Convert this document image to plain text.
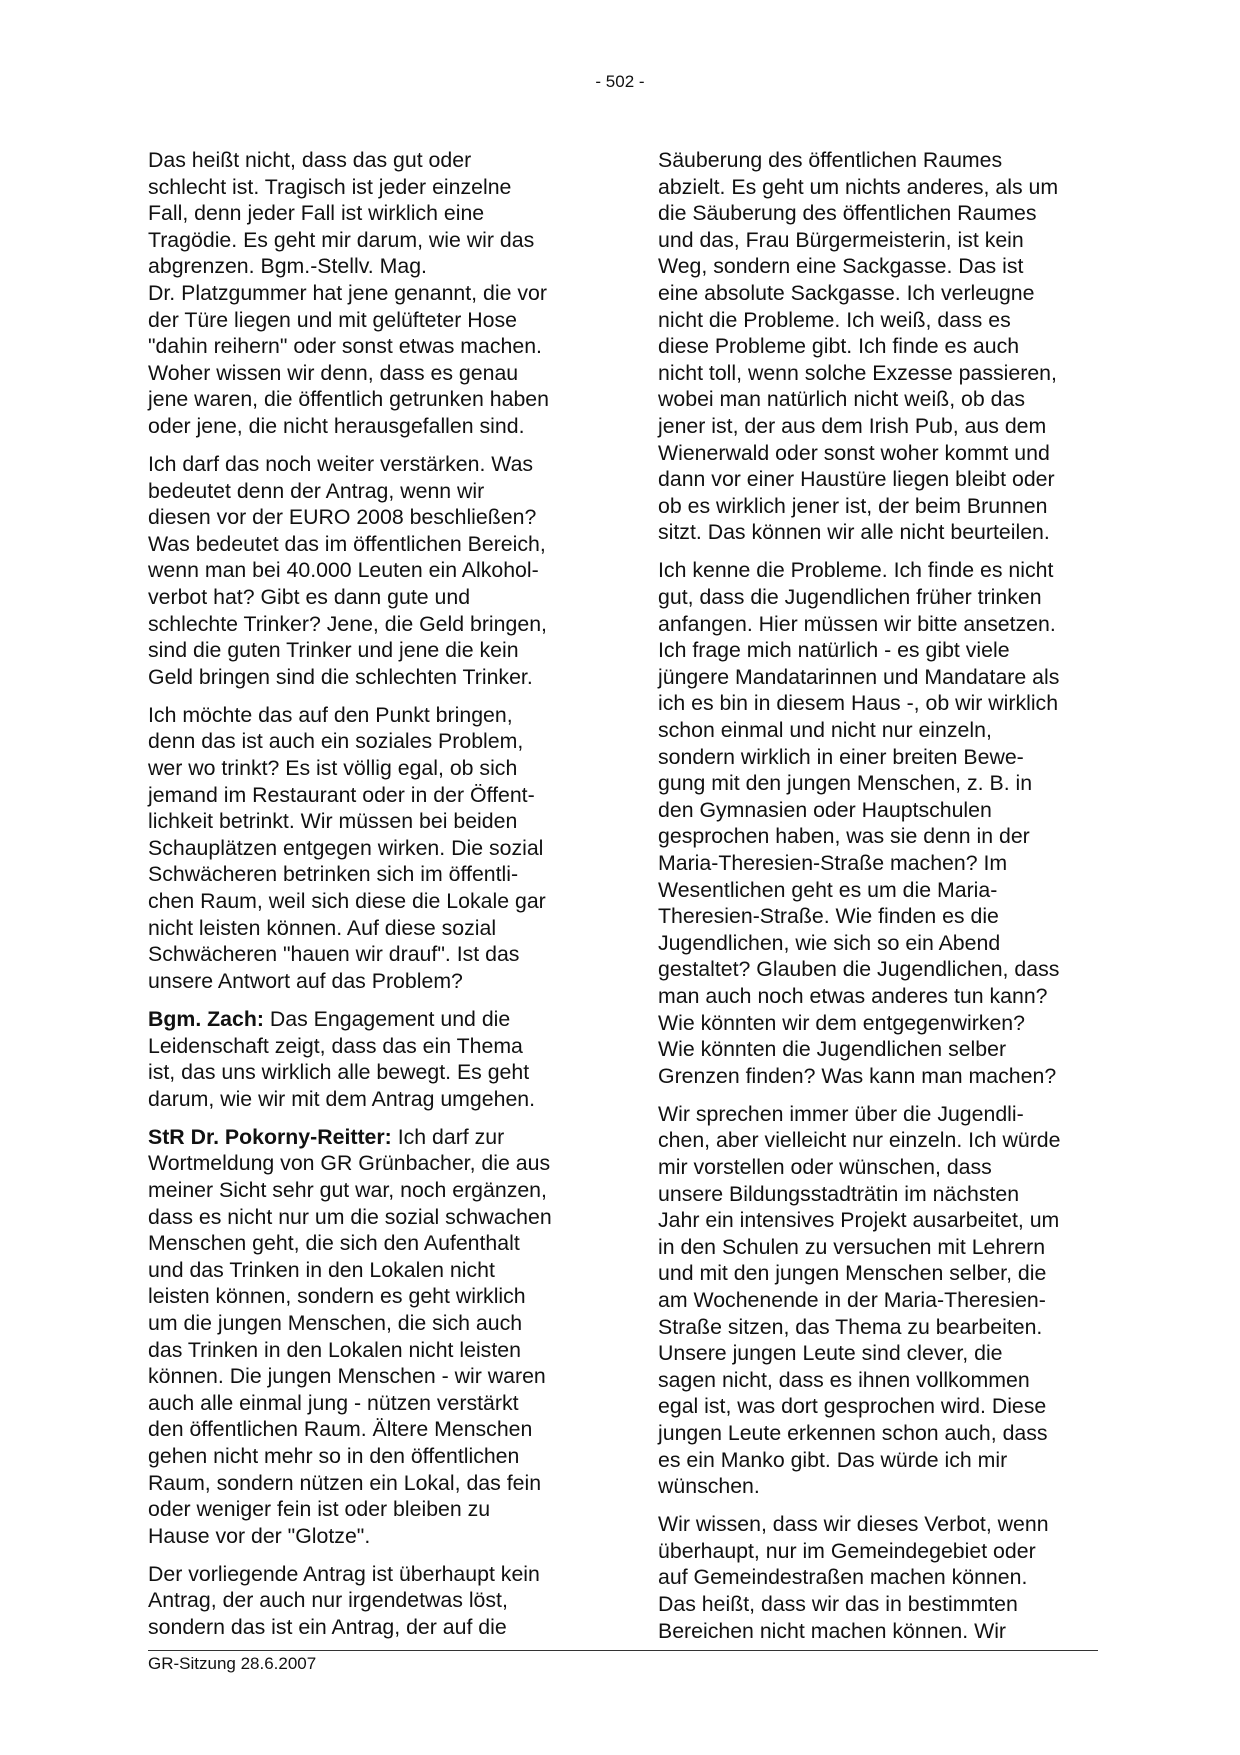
- 502 -

Das heißt nicht, dass das gut oder
schlecht ist. Tragisch ist jeder einzelne
Fall, denn jeder Fall ist wirklich eine
Tragödie. Es geht mir darum, wie wir das
abgrenzen. Bgm.-Stellv. Mag.
Dr. Platzgummer hat jene genannt, die vor
der Türe liegen und mit gelüfteter Hose
"dahin reihern" oder sonst etwas machen.
Woher wissen wir denn, dass es genau
jene waren, die öffentlich getrunken haben
oder jene, die nicht herausgefallen sind.

Ich darf das noch weiter verstärken. Was
bedeutet denn der Antrag, wenn wir
diesen vor der EURO 2008 beschließen?
Was bedeutet das im öffentlichen Bereich,
wenn man bei 40.000 Leuten ein Alkohol-
verbot hat? Gibt es dann gute und
schlechte Trinker? Jene, die Geld bringen,
sind die guten Trinker und jene die kein
Geld bringen sind die schlechten Trinker.

Ich möchte das auf den Punkt bringen,
denn das ist auch ein soziales Problem,
wer wo trinkt? Es ist völlig egal, ob sich
jemand im Restaurant oder in der Öffent-
lichkeit betrinkt. Wir müssen bei beiden
Schauplätzen entgegen wirken. Die sozial
Schwächeren betrinken sich im öffentli-
chen Raum, weil sich diese die Lokale gar
nicht leisten können. Auf diese sozial
Schwächeren "hauen wir drauf". Ist das
unsere Antwort auf das Problem?

Bgm. Zach: Das Engagement und die
Leidenschaft zeigt, dass das ein Thema
ist, das uns wirklich alle bewegt. Es geht
darum, wie wir mit dem Antrag umgehen.

StR Dr. Pokorny-Reitter: Ich darf zur
Wortmeldung von GR Grünbacher, die aus
meiner Sicht sehr gut war, noch ergänzen,
dass es nicht nur um die sozial schwachen
Menschen geht, die sich den Aufenthalt
und das Trinken in den Lokalen nicht
leisten können, sondern es geht wirklich
um die jungen Menschen, die sich auch
das Trinken in den Lokalen nicht leisten
können. Die jungen Menschen - wir waren
auch alle einmal jung - nützen verstärkt
den öffentlichen Raum. Ältere Menschen
gehen nicht mehr so in den öffentlichen
Raum, sondern nützen ein Lokal, das fein
oder weniger fein ist oder bleiben zu
Hause vor der "Glotze".

Der vorliegende Antrag ist überhaupt kein
Antrag, der auch nur irgendetwas löst,
sondern das ist ein Antrag, der auf die

Säuberung des öffentlichen Raumes
abzielt. Es geht um nichts anderes, als um
die Säuberung des öffentlichen Raumes
und das, Frau Bürgermeisterin, ist kein
Weg, sondern eine Sackgasse. Das ist
eine absolute Sackgasse. Ich verleugne
nicht die Probleme. Ich weiß, dass es
diese Probleme gibt. Ich finde es auch
nicht toll, wenn solche Exzesse passieren,
wobei man natürlich nicht weiß, ob das
jener ist, der aus dem Irish Pub, aus dem
Wienerwald oder sonst woher kommt und
dann vor einer Haustüre liegen bleibt oder
ob es wirklich jener ist, der beim Brunnen
sitzt. Das können wir alle nicht beurteilen.

Ich kenne die Probleme. Ich finde es nicht
gut, dass die Jugendlichen früher trinken
anfangen. Hier müssen wir bitte ansetzen.
Ich frage mich natürlich - es gibt viele
jüngere Mandatarinnen und Mandatare als
ich es bin in diesem Haus -, ob wir wirklich
schon einmal und nicht nur einzeln,
sondern wirklich in einer breiten Bewe-
gung mit den jungen Menschen, z. B. in
den Gymnasien oder Hauptschulen
gesprochen haben, was sie denn in der
Maria-Theresien-Straße machen? Im
Wesentlichen geht es um die Maria-
Theresien-Straße. Wie finden es die
Jugendlichen, wie sich so ein Abend
gestaltet? Glauben die Jugendlichen, dass
man auch noch etwas anderes tun kann?
Wie könnten wir dem entgegenwirken?
Wie könnten die Jugendlichen selber
Grenzen finden? Was kann man machen?

Wir sprechen immer über die Jugendli-
chen, aber vielleicht nur einzeln. Ich würde
mir vorstellen oder wünschen, dass
unsere Bildungsstadträtin im nächsten
Jahr ein intensives Projekt ausarbeitet, um
in den Schulen zu versuchen mit Lehrern
und mit den jungen Menschen selber, die
am Wochenende in der Maria-Theresien-
Straße sitzen, das Thema zu bearbeiten.
Unsere jungen Leute sind clever, die
sagen nicht, dass es ihnen vollkommen
egal ist, was dort gesprochen wird. Diese
jungen Leute erkennen schon auch, dass
es ein Manko gibt. Das würde ich mir
wünschen.

Wir wissen, dass wir dieses Verbot, wenn
überhaupt, nur im Gemeindegebiet oder
auf Gemeindestraßen machen können.
Das heißt, dass wir das in bestimmten
Bereichen nicht machen können. Wir

GR-Sitzung 28.6.2007
